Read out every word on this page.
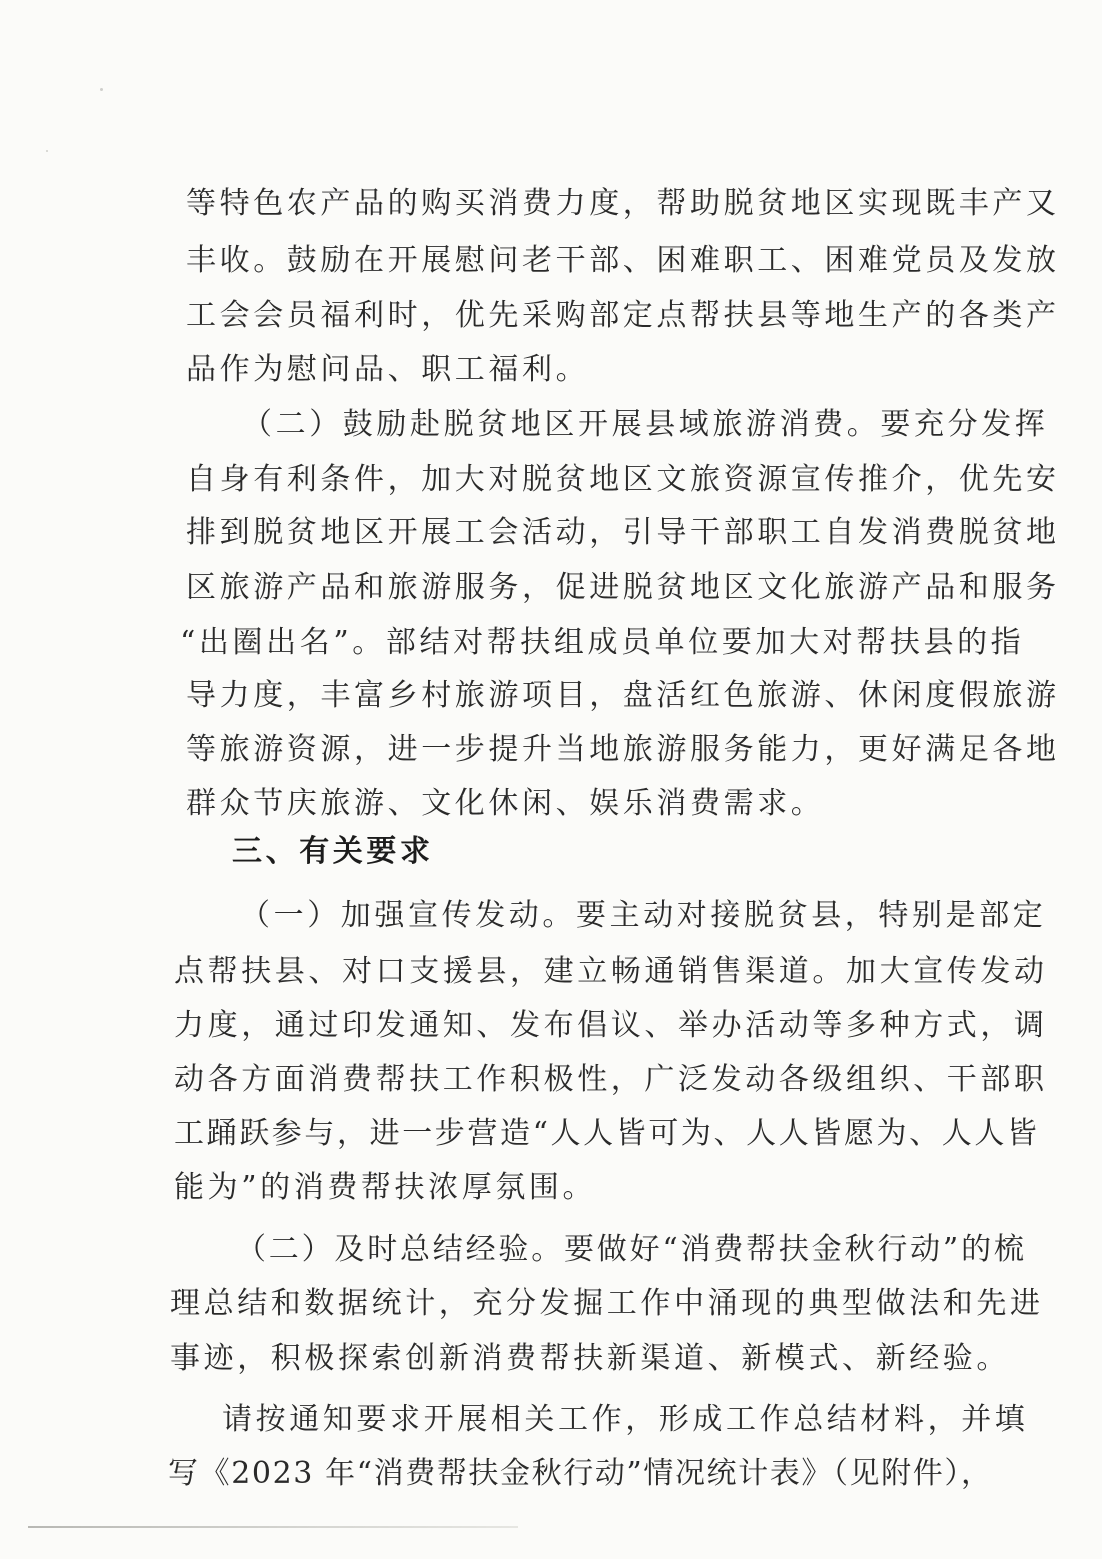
等特色农产品的购买消费力度，帮助脱贫地区实现既丰产又
丰收。鼓励在开展慰问老干部、困难职工、困难党员及发放
工会会员福利时，优先采购部定点帮扶县等地生产的各类产
品作为慰问品、职工福利。
（二）鼓励赴脱贫地区开展县域旅游消费。要充分发挥
自身有利条件，加大对脱贫地区文旅资源宣传推介，优先安
排到脱贫地区开展工会活动，引导干部职工自发消费脱贫地
区旅游产品和旅游服务，促进脱贫地区文化旅游产品和服务
“出圈出名”。部结对帮扶组成员单位要加大对帮扶县的指
导力度，丰富乡村旅游项目，盘活红色旅游、休闲度假旅游
等旅游资源，进一步提升当地旅游服务能力，更好满足各地
群众节庆旅游、文化休闲、娱乐消费需求。
三、有关要求
（一）加强宣传发动。要主动对接脱贫县，特别是部定
点帮扶县、对口支援县，建立畅通销售渠道。加大宣传发动
力度，通过印发通知、发布倡议、举办活动等多种方式，调
动各方面消费帮扶工作积极性，广泛发动各级组织、干部职
工踊跃参与，进一步营造“人人皆可为、人人皆愿为、人人皆
能为”的消费帮扶浓厚氛围。
（二）及时总结经验。要做好“消费帮扶金秋行动”的梳
理总结和数据统计，充分发掘工作中涌现的典型做法和先进
事迹，积极探索创新消费帮扶新渠道、新模式、新经验。
请按通知要求开展相关工作，形成工作总结材料，并填
写《2023 年“消费帮扶金秋行动”情况统计表》（见附件），
